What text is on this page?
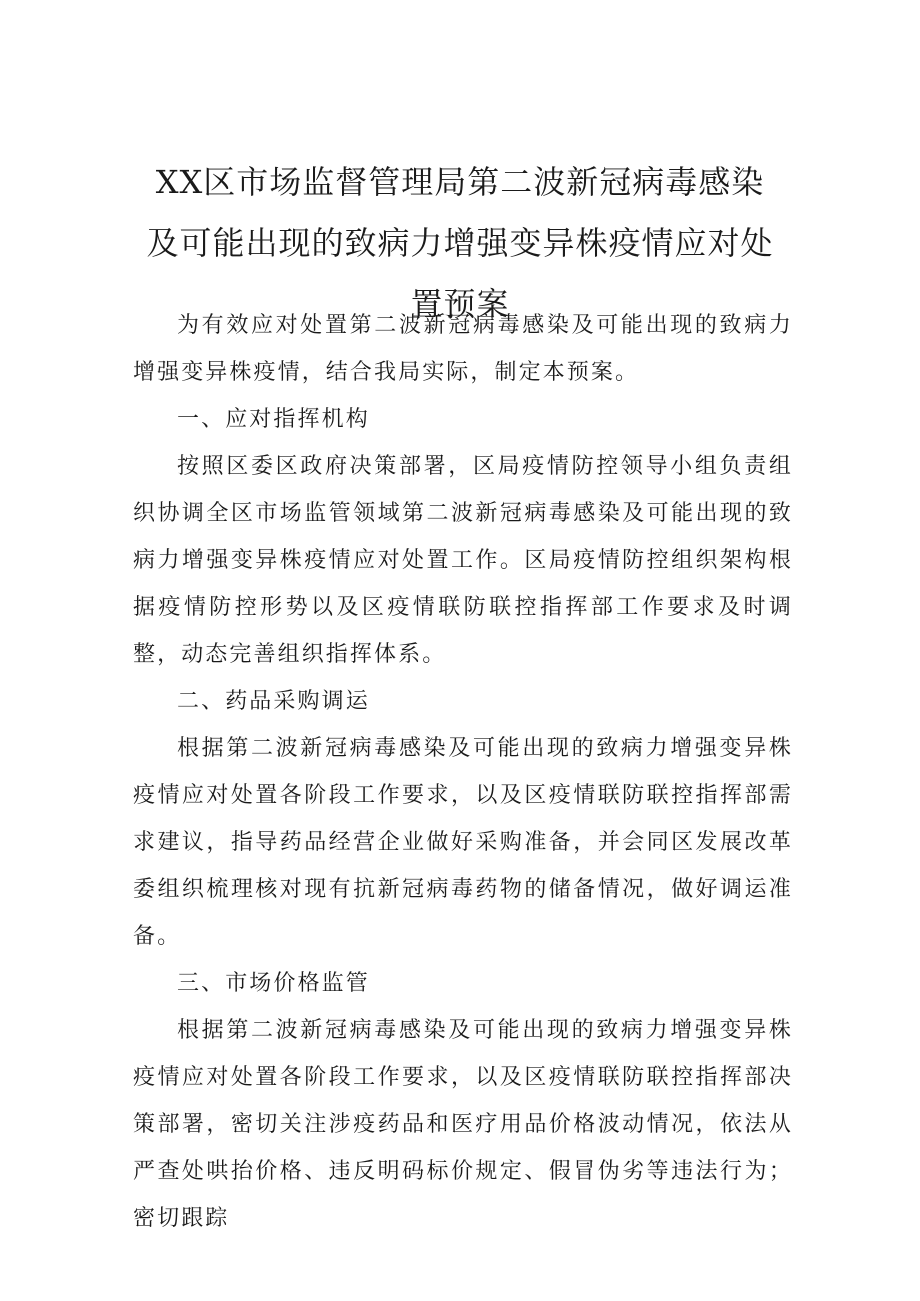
XX区市场监督管理局第二波新冠病毒感染及可能出现的致病力增强变异株疫情应对处置预案

为有效应对处置第二波新冠病毒感染及可能出现的致病力增强变异株疫情，结合我局实际，制定本预案。

一、应对指挥机构

按照区委区政府决策部署，区局疫情防控领导小组负责组织协调全区市场监管领域第二波新冠病毒感染及可能出现的致病力增强变异株疫情应对处置工作。区局疫情防控组织架构根据疫情防控形势以及区疫情联防联控指挥部工作要求及时调整，动态完善组织指挥体系。

二、药品采购调运

根据第二波新冠病毒感染及可能出现的致病力增强变异株疫情应对处置各阶段工作要求，以及区疫情联防联控指挥部需求建议，指导药品经营企业做好采购准备，并会同区发展改革委组织梳理核对现有抗新冠病毒药物的储备情况，做好调运准备。

三、市场价格监管

根据第二波新冠病毒感染及可能出现的致病力增强变异株疫情应对处置各阶段工作要求，以及区疫情联防联控指挥部决策部署，密切关注涉疫药品和医疗用品价格波动情况，依法从严查处哄抬价格、违反明码标价规定、假冒伪劣等违法行为；密切跟踪
